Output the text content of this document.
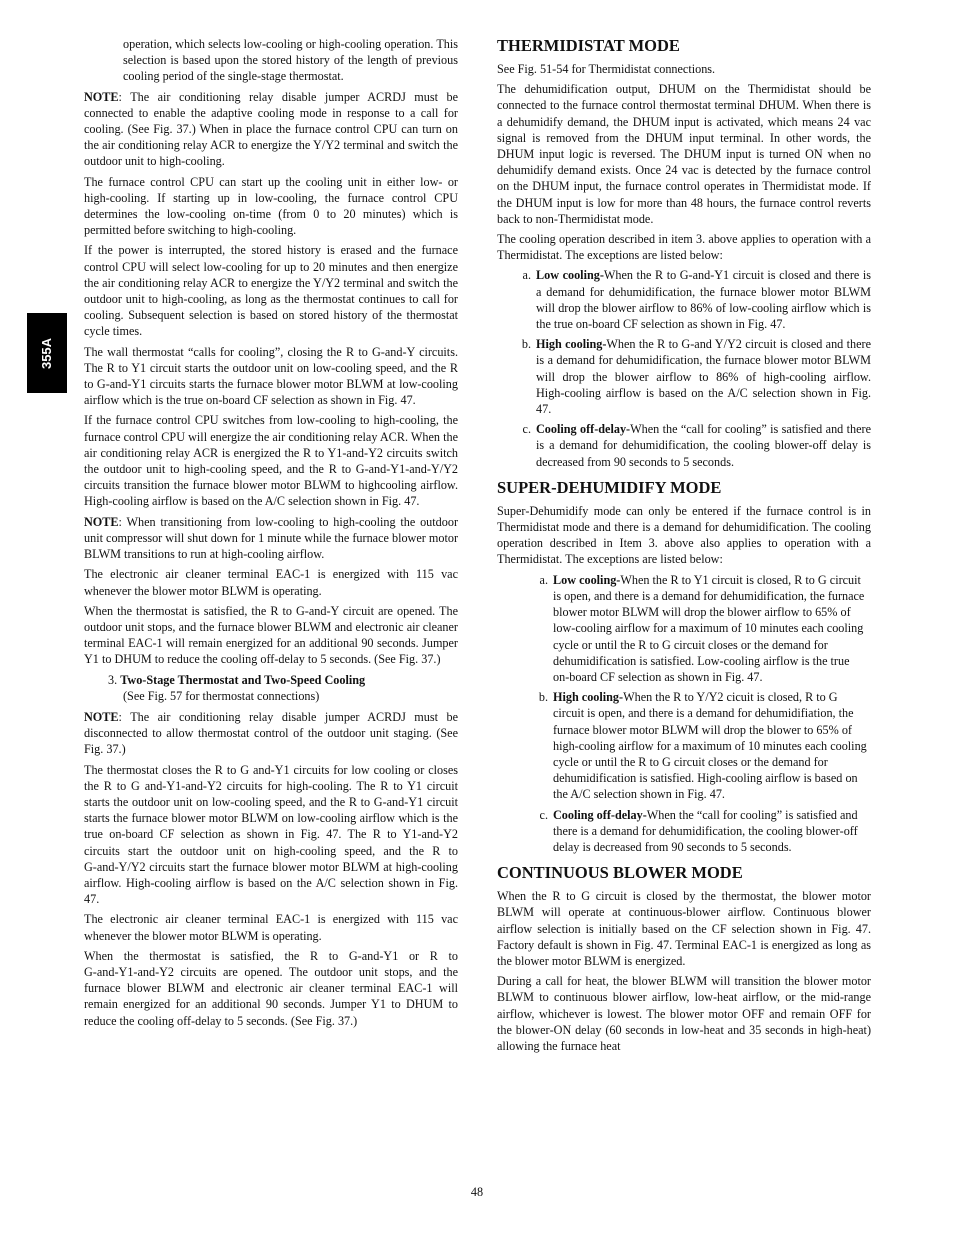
355A

operation, which selects low‑cooling or high‑cooling operation. This selection is based upon the stored history of the length of previous cooling period of the single‑stage thermostat.

NOTE: The air conditioning relay disable jumper ACRDJ must be connected to enable the adaptive cooling mode in response to a call for cooling. (See Fig. 37.) When in place the furnace control CPU can turn on the air conditioning relay ACR to energize the Y/Y2 terminal and switch the outdoor unit to high‑cooling.

The furnace control CPU can start up the cooling unit in either low‑ or high‑cooling. If starting up in low‑cooling, the furnace control CPU determines the low‑cooling on‑time (from 0 to 20 minutes) which is permitted before switching to high‑cooling.

If the power is interrupted, the stored history is erased and the furnace control CPU will select low‑cooling for up to 20 minutes and then energize the air conditioning relay ACR to energize the Y/Y2 terminal and switch the outdoor unit to high‑cooling, as long as the thermostat continues to call for cooling. Subsequent selection is based on stored history of the thermostat cycle times.

The wall thermostat “calls for cooling”, closing the R to G‑and‑Y circuits. The R to Y1 circuit starts the outdoor unit on low‑cooling speed, and the R to G‑and‑Y1 circuits starts the furnace blower motor BLWM at low‑cooling airflow which is the true on‑board CF selection as shown in Fig. 47.

If the furnace control CPU switches from low‑cooling to high‑cooling, the furnace control CPU will energize the air conditioning relay ACR. When the air conditioning relay ACR is energized the R to Y1‑and‑Y2 circuits switch the outdoor unit to high‑cooling speed, and the R to G‑and‑Y1‑and‑Y/Y2 circuits transition the furnace blower motor BLWM to highcooling airflow. High‑cooling airflow is based on the A/C selection shown in Fig. 47.

NOTE: When transitioning from low‑cooling to high‑cooling the outdoor unit compressor will shut down for 1 minute while the furnace blower motor BLWM transitions to run at high‑cooling airflow.

The electronic air cleaner terminal EAC‑1 is energized with 115 vac whenever the blower motor BLWM is operating.

When the thermostat is satisfied, the R to G‑and‑Y circuit are opened. The outdoor unit stops, and the furnace blower BLWM and electronic air cleaner terminal EAC‑1 will remain energized for an additional 90 seconds. Jumper Y1 to DHUM to reduce the cooling off‑delay to 5 seconds. (See Fig. 37.)

3. Two‑Stage Thermostat and Two‑Speed Cooling
(See Fig. 57 for thermostat connections)

NOTE: The air conditioning relay disable jumper ACRDJ must be disconnected to allow thermostat control of the outdoor unit staging. (See Fig. 37.)

The thermostat closes the R to G and‑Y1 circuits for low cooling or closes the R to G and‑Y1‑and‑Y2 circuits for high‑cooling. The R to Y1 circuit starts the outdoor unit on low‑cooling speed, and the R to G‑and‑Y1 circuit starts the furnace blower motor BLWM on low‑cooling airflow which is the true on‑board CF selection as shown in Fig. 47. The R to Y1‑and‑Y2 circuits start the outdoor unit on high‑cooling speed, and the R to G‑and‑Y/Y2 circuits start the furnace blower motor BLWM at high‑cooling airflow. High‑cooling airflow is based on the A/C selection shown in Fig. 47.

The electronic air cleaner terminal EAC‑1 is energized with 115 vac whenever the blower motor BLWM is operating.

When the thermostat is satisfied, the R to G‑and‑Y1 or R to G‑and‑Y1‑and‑Y2 circuits are opened. The outdoor unit stops, and the furnace blower BLWM and electronic air cleaner terminal EAC‑1 will remain energized for an additional 90 seconds. Jumper Y1 to DHUM to reduce the cooling off‑delay to 5 seconds. (See Fig. 37.)

THERMIDISTAT MODE

See Fig. 51‑54 for Thermidistat connections.

The dehumidification output, DHUM on the Thermidistat should be connected to the furnace control thermostat terminal DHUM. When there is a dehumidify demand, the DHUM input is activated, which means 24 vac signal is removed from the DHUM input terminal. In other words, the DHUM input logic is reversed. The DHUM input is turned ON when no dehumidify demand exists. Once 24 vac is detected by the furnace control on the DHUM input, the furnace control operates in Thermidistat mode. If the DHUM input is low for more than 48 hours, the furnace control reverts back to non‑Thermidistat mode.

The cooling operation described in item 3. above applies to operation with a Thermidistat. The exceptions are listed below:

a. Low cooling‑When the R to G‑and‑Y1 circuit is closed and there is a demand for dehumidification, the furnace blower motor BLWM will drop the blower airflow to 86% of low‑cooling airflow which is the true on‑board CF selection as shown in Fig. 47.

b. High cooling‑When the R to G‑and Y/Y2 circuit is closed and there is a demand for dehumidification, the furnace blower motor BLWM will drop the blower airflow to 86% of high‑cooling airflow. High‑cooling airflow is based on the A/C selection shown in Fig. 47.

c. Cooling off‑delay‑When the “call for cooling” is satisfied and there is a demand for dehumidification, the cooling blower‑off delay is decreased from 90 seconds to 5 seconds.

SUPER‑DEHUMIDIFY MODE

Super‑Dehumidify mode can only be entered if the furnace control is in Thermidistat mode and there is a demand for dehumidification. The cooling operation described in Item 3. above also applies to operation with a Thermidistat. The exceptions are listed below:

a. Low cooling‑When the R to Y1 circuit is closed, R to G circuit is open, and there is a demand for dehumidification, the furnace blower motor BLWM will drop the blower airflow to 65% of low‑cooling airflow for a maximum of 10 minutes each cooling cycle or until the R to G circuit closes or the demand for dehumidification is satisfied. Low‑cooling airflow is the true on‑board CF selection as shown in Fig. 47.

b. High cooling‑When the R to Y/Y2 cicuit is closed, R to G circuit is open, and there is a demand for dehumidifiation, the furnace blower motor BLWM will drop the blower to 65% of high‑cooling airflow for a maximum of 10 minutes each cooling cycle or until the R to G circuit closes or the demand for dehumidification is satisfied. High‑cooling airflow is based on the A/C selection shown in Fig. 47.

c. Cooling off‑delay‑When the “call for cooling” is satisfied and there is a demand for dehumidification, the cooling blower‑off delay is decreased from 90 seconds to 5 seconds.

CONTINUOUS BLOWER MODE

When the R to G circuit is closed by the thermostat, the blower motor BLWM will operate at continuous‑blower airflow. Continuous blower airflow selection is initially based on the CF selection shown in Fig. 47. Factory default is shown in Fig. 47. Terminal EAC‑1 is energized as long as the blower motor BLWM is energized.

During a call for heat, the blower BLWM will transition the blower motor BLWM to continuous blower airflow, low‑heat airflow, or the mid‑range airflow, whichever is lowest. The blower motor OFF and remain OFF for the blower‑ON delay (60 seconds in low‑heat and 35 seconds in high‑heat) allowing the furnace heat

48
